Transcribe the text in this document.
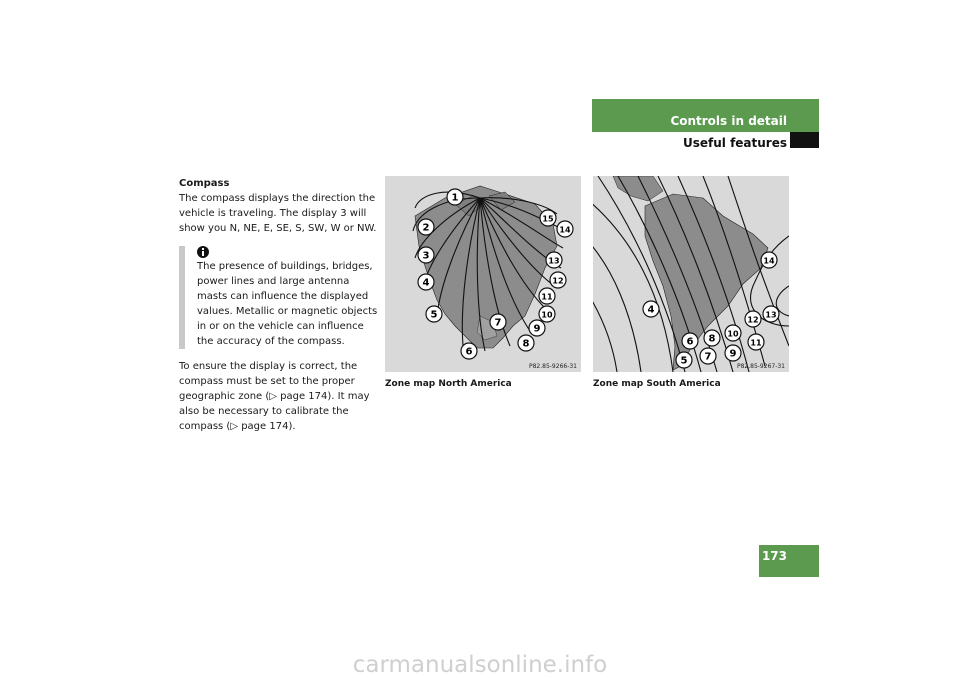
Controls in detail
Useful features

Compass

The compass displays the direction the vehicle is traveling. The display 3 will show you N, NE, E, SE, S, SW, W or NW.

The presence of buildings, bridges, power lines and large antenna masts can influence the displayed values. Metallic or magnetic objects in or on the vehicle can influence the accuracy of the compass.

To ensure the display is correct, the compass must be set to the proper geographic zone (▷ page 174). It may also be necessary to calibrate the compass (▷ page 174).

1
2
3
4
5
6
7
8
9
10
11
12
13
14
15
P82.85-9266-31
Zone map North America
4
5
6
7
8
9
10
11
12
13
14
P82.85-9267-31
Zone map South America
173
carmanualsonline.info
